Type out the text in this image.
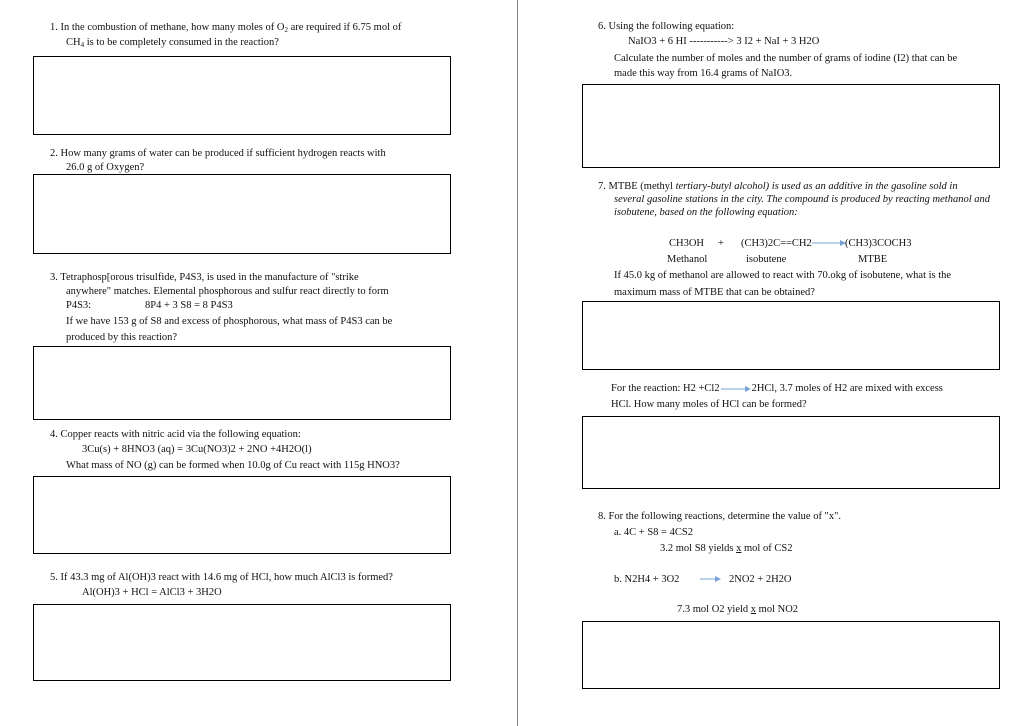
1. In the combustion of methane, how many moles of $O_2$ are required if 6.75 mol of
$CH_4$ is to be completely consumed in the reaction?
2. How many grams of water can be produced if sufficient hydrogen reacts with
26.0 g of Oxygen?
3. Tetraphosp[orous trisulfide, P4S3, is used in the manufacture of "strike
anywhere" matches. Elemental phosphorous and sulfur react directly to form
P4S3:	8P4 + 3 S8 = 8 P4S3
If we have 153 g of S8 and excess of phosphorous, what mass of P4S3 can be
produced by this reaction?
4. Copper reacts with nitric acid via the following equation:
3Cu(s) + 8HNO3 (aq) = 3Cu(NO3)2 + 2NO +4H2O(l)
What mass of NO (g) can be formed when 10.0g of Cu react with 115g HNO3?
5. If 43.3 mg of Al(OH)3 react with 14.6 mg of HCl, how much AlCl3 is formed?
Al(OH)3 + HCl = AlCl3 + 3H2O
6. Using the following equation:
NaIO3 + 6 HI -----------> 3 I2 + NaI + 3 H2O
Calculate the number of moles and the number of grams of iodine (I2) that can be
made this way from 16.4 grams of NaIO3.
7. MTBE (methyl tertiary-butyl alcohol) is used as an additive in the gasoline sold in
several gasoline stations in the city. The compound is produced by reacting methanol and
isobutene, based on the following equation:
CH3OH + (CH3)2C==CH2	(CH3)3COCH3
Methanol	isobutene	MTBE
If 45.0 kg of methanol are allowed to react with 70.okg of isobutene, what is the
maximum mass of MTBE that can be obtained?
For the reaction: H2 +Cl2	2HCl, 3.7 moles of H2 are mixed with excess
HCl. How many moles of HCl can be formed?
8. For the following reactions, determine the value of "x".
a. 4C + S8 = 4CS2
3.2 mol S8 yields x mol of CS2
b. N2H4 + 3O2	2NO2 + 2H2O
7.3 mol O2 yield x mol NO2
